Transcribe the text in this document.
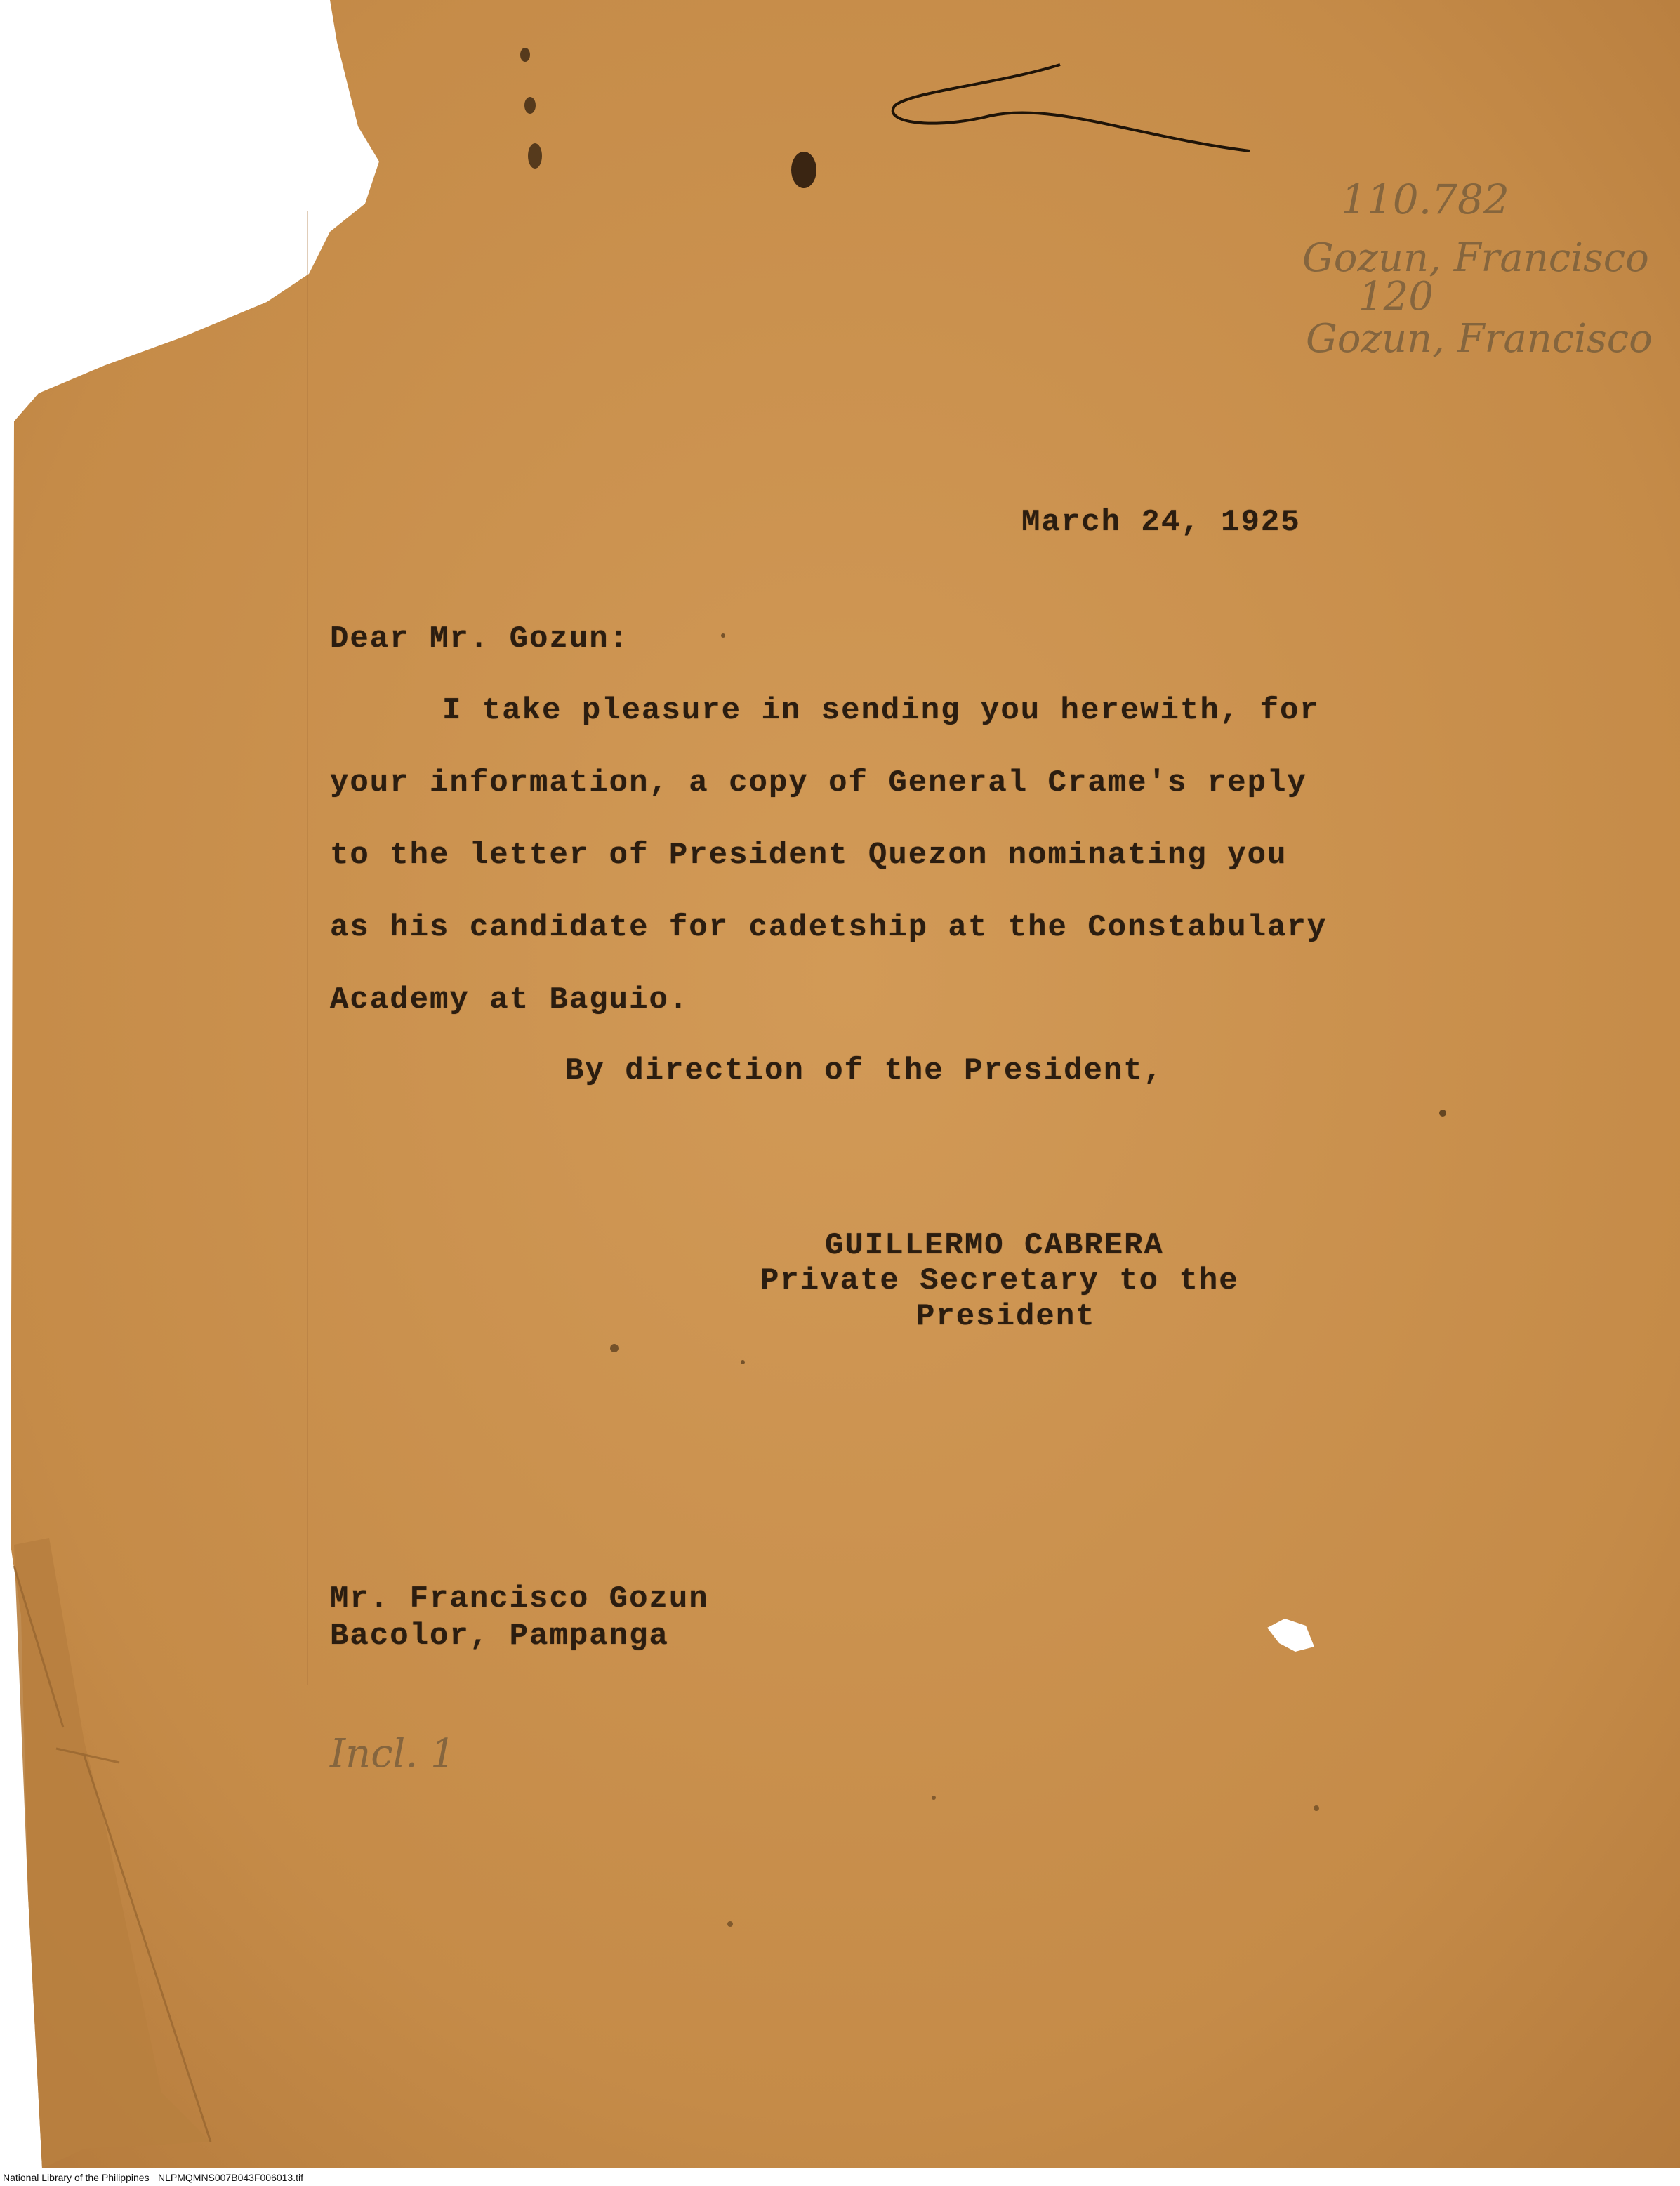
110.782
Gozun, Francisco
120
Gozun, Francisco
March 24, 1925
Dear Mr. Gozun:
I take pleasure in sending you herewith, for
your information, a copy of General Crame's reply
to the letter of President Quezon nominating you
as his candidate for cadetship at the Constabulary
Academy at Baguio.
By direction of the President,
GUILLERMO CABRERA
Private Secretary to the
President
Mr. Francisco Gozun
Bacolor, Pampanga
Incl. 1
National Library of the Philippines NLPMQMNS007B043F006013.tif
